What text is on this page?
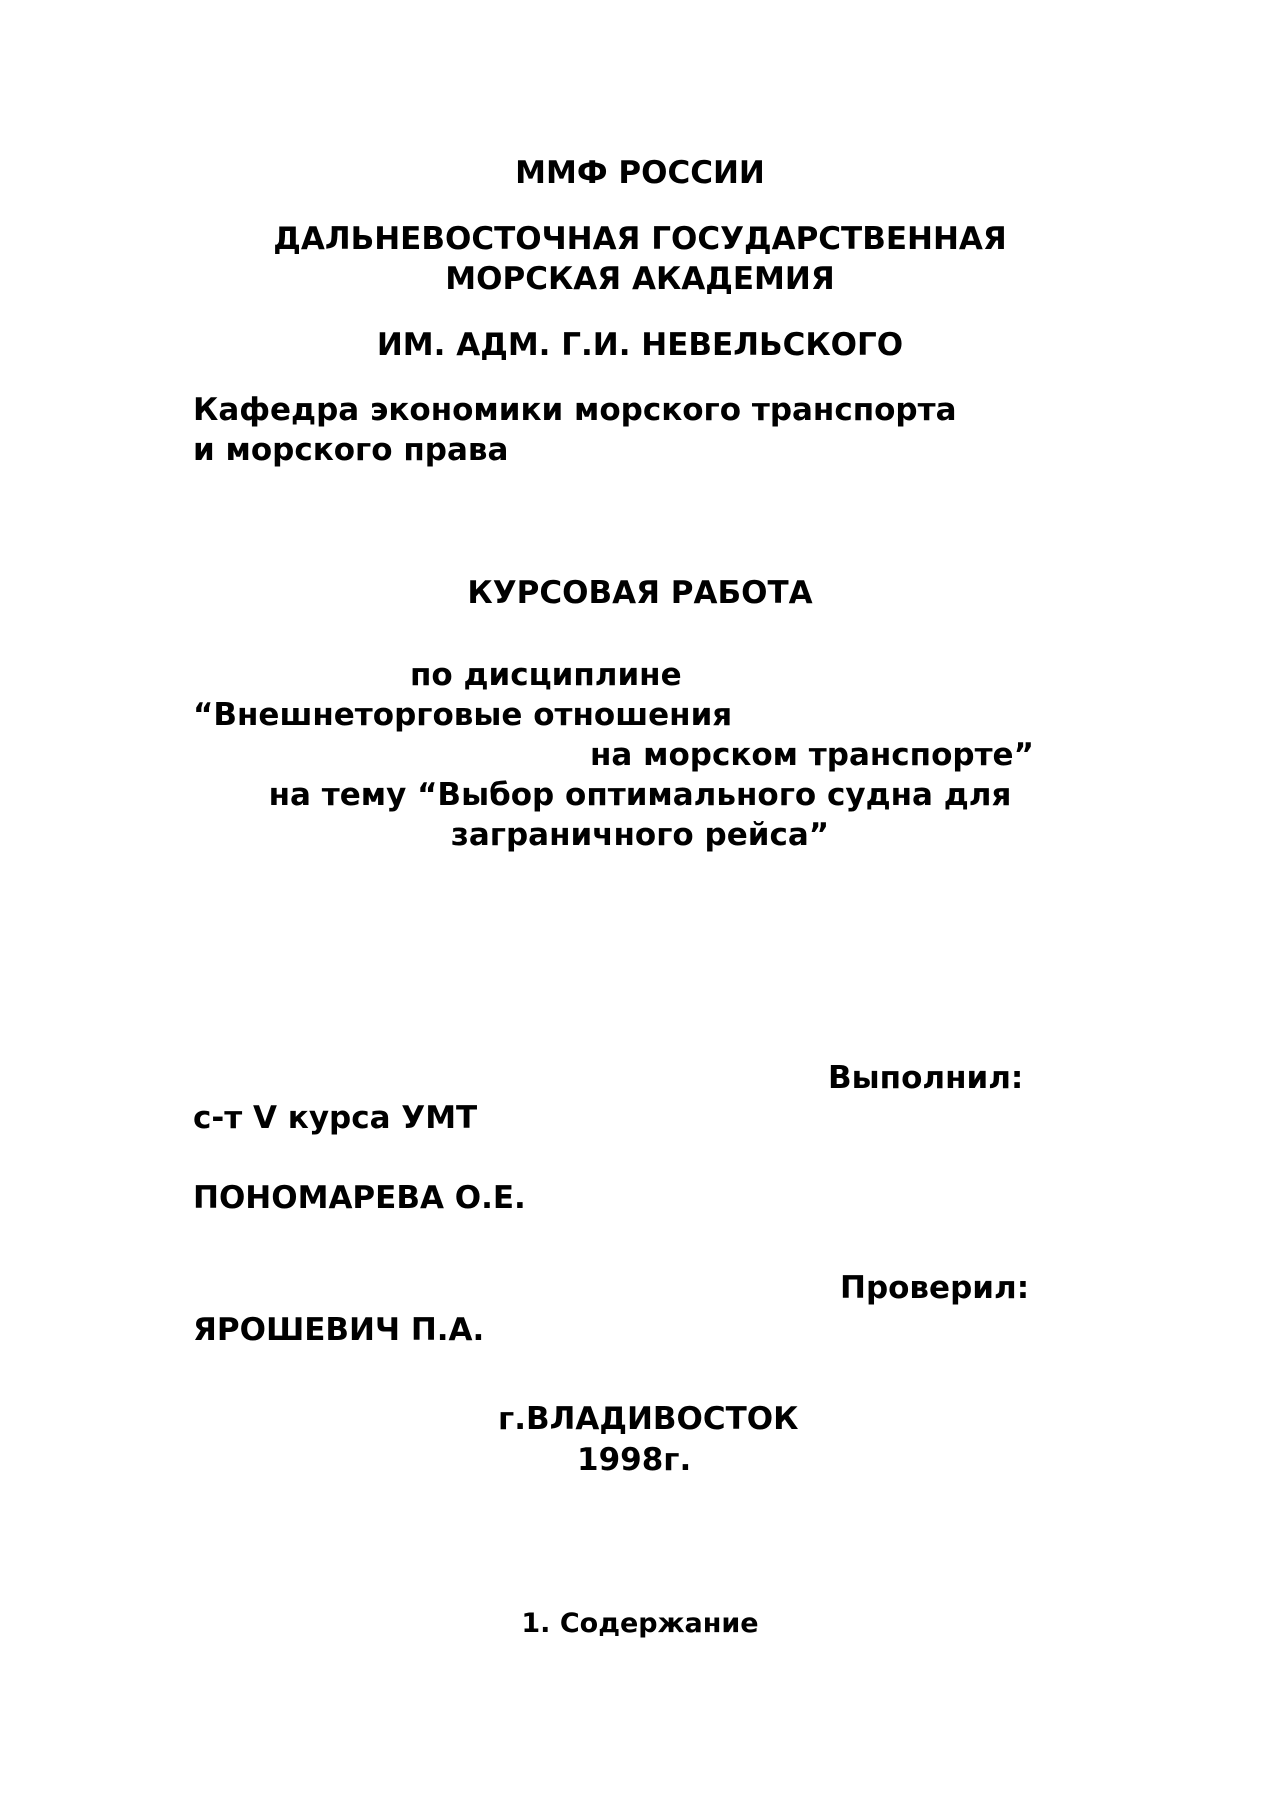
ММФ РОССИИ

ДАЛЬНЕВОСТОЧНАЯ ГОСУДАРСТВЕННАЯ

МОРСКАЯ АКАДЕМИЯ

ИМ. АДМ. Г.И. НЕВЕЛЬСКОГО

Кафедра экономики морского транспорта

и морского права

КУРСОВАЯ РАБОТА

по дисциплине

“Внешнеторговые отношения

на морском транспорте”

на тему “Выбор оптимального судна для

заграничного рейса”

Выполнил:

с-т V курса УМТ

ПОНОМАРЕВА О.Е.

Проверил:

ЯРОШЕВИЧ П.А.

г.ВЛАДИВОСТОК

1998г.

1. Содержание
